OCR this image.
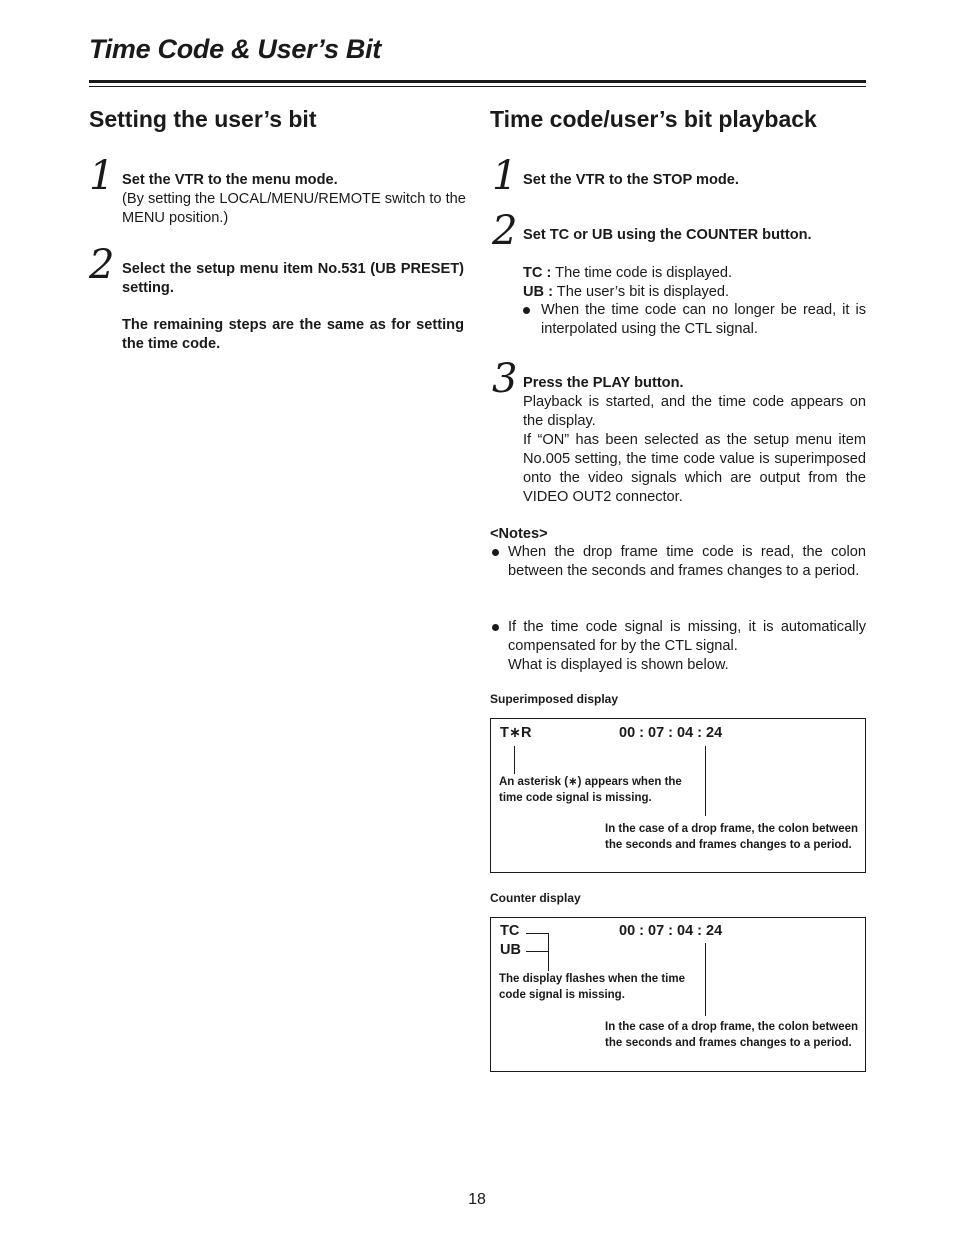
Time Code & User’s Bit
Setting the user’s bit
1 Set the VTR to the menu mode.
(By setting the LOCAL/MENU/REMOTE switch to the MENU position.)
2 Select the setup menu item No.531 (UB PRESET) setting.
The remaining steps are the same as for setting the time code.
Time code/user’s bit playback
1 Set the VTR to the STOP mode.
2 Set TC or UB using the COUNTER button.
TC : The time code is displayed.
UB : The user’s bit is displayed.
When the time code can no longer be read, it is interpolated using the CTL signal.
3 Press the PLAY button.
Playback is started, and the time code appears on the display.
If “ON” has been selected as the setup menu item No.005 setting, the time code value is superimposed onto the video signals which are output from the VIDEO OUT2 connector.
<Notes>
When the drop frame time code is read, the colon between the seconds and frames changes to a period.
If the time code signal is missing, it is automatically compensated for by the CTL signal.
What is displayed is shown below.
Superimposed display
T∗R	00 : 07 : 04 : 24
An asterisk (∗) appears when the time code signal is missing.
In the case of a drop frame, the colon between the seconds and frames changes to a period.
Counter display
TC
UB
00 : 07 : 04 : 24
The display flashes when the time code signal is missing.
In the case of a drop frame, the colon between the seconds and frames changes to a period.
18
